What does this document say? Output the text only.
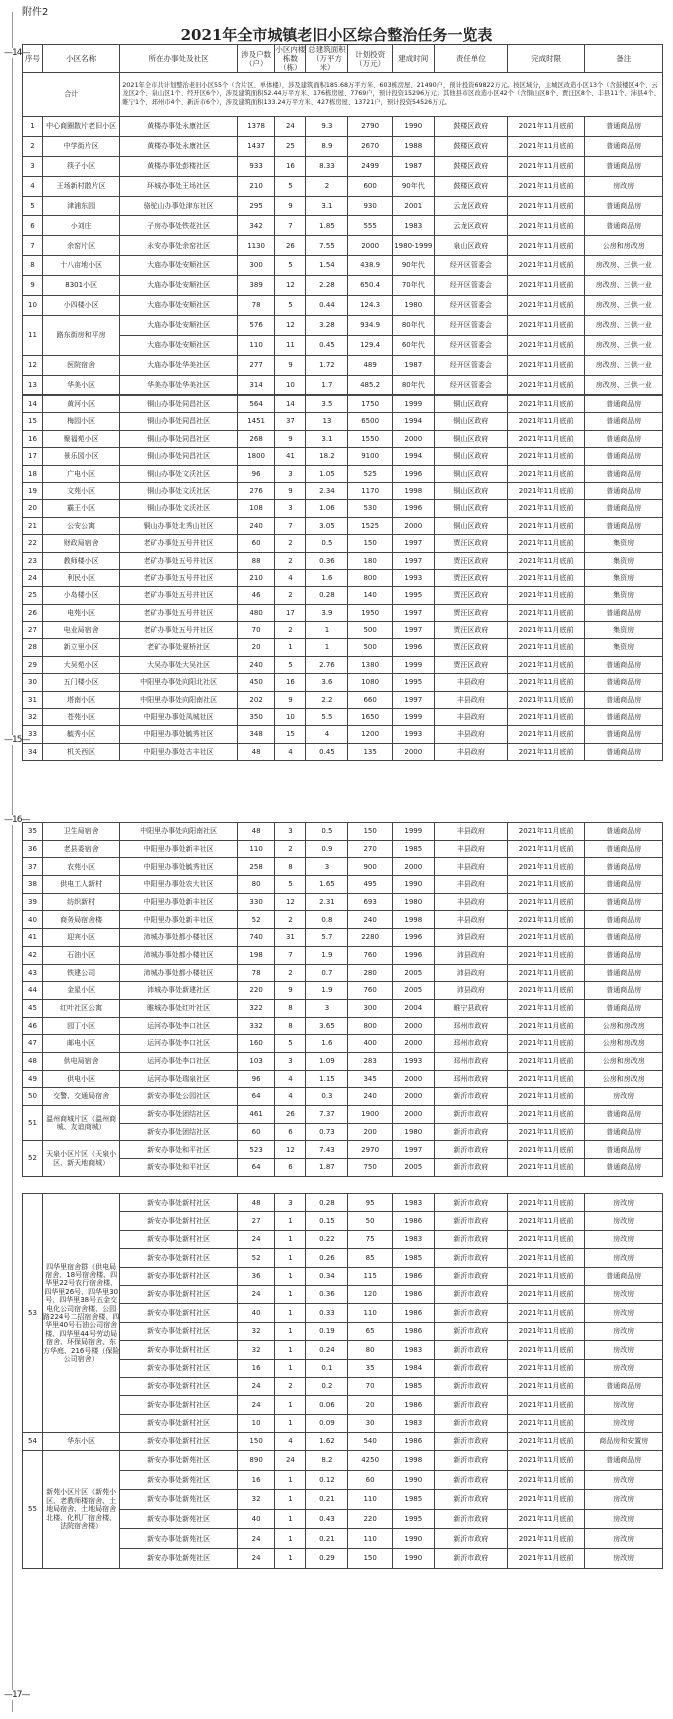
附件2
2021年全市城镇老旧小区综合整治任务一览表
—14—
—15—
—16—
—17—
序号	小区名称	所在办事处及社区	涉及户数（户）	小区内楼栋数（栋）	总建筑面积（万平方米）	计划投资（万元）	建成时间	责任单位	完成时限	备注
合计		2021年全市共计划整治老旧小区55个（含片区、单体楼），涉及建筑面积185.68万平方米、603栋房屋、21490户，预计投资69822万元。按区域分，主城区改造小区13个（含鼓楼区4个、云龙区2个、泉山区1个、经开区6个），涉及建筑面积52.44万平方米、176栋房屋、7769户，预计投资15296万元；其他县市区改造小区42个（含铜山区8个、贾汪区8个、丰县11个、沛县4个、睢宁1个、邳州市4个、新沂市6个），涉及建筑面积133.24万平方米、427栋房屋、13721户，预计投资54526万元。								
1	中心商圈散片老旧小区	黄楼办事处永康社区	1378	24	9.3	2790	1990	鼓楼区政府	2021年11月底前	普通商品房
2	中学街片区	黄楼办事处永康社区	1437	25	8.9	2670	1988	鼓楼区政府	2021年11月底前	普通商品房
3	筷子小区	黄楼办事处彭楼社区	933	16	8.33	2499	1987	鼓楼区政府	2021年11月底前	普通商品房
4	王场新村散片区	环城办事处王场社区	210	5	2	600	90年代	鼓楼区政府	2021年11月底前	房改房
5	津浦东园	骆驼山办事处津东社区	295	9	3.1	930	2001	云龙区政府	2021年11月底前	普通商品房
6	小刘庄	子房办事处铁花社区	342	7	1.85	555	1983	云龙区政府	2021年11月底前	普通商品房
7	余窑片区	永安办事处余窑社区	1130	26	7.55	2000	1980-1999	泉山区政府	2021年11月底前	公房和房改房
8	十八亩地小区	大庙办事处安顺社区	300	5	1.54	438.9	90年代	经开区管委会	2021年11月底前	房改房、三供一业
9	8301小区	大庙办事处安顺社区	389	12	2.28	650.4	70年代	经开区管委会	2021年11月底前	房改房、三供一业
10	小四楼小区	大庙办事处安顺社区	78	5	0.44	124.3	1980	经开区管委会	2021年11月底前	房改房、三供一业
11	路东街房和平房	大庙办事处安顺社区	576	12	3.28	934.9	80年代	经开区管委会	2021年11月底前	房改房、三供一业
		大庙办事处安顺社区	110	11	0.45	129.4	60年代	经开区管委会	2021年11月底前	房改房、三供一业
12	医院宿舍	大庙办事处华美社区	277	9	1.72	489	1987	经开区管委会	2021年11月底前	房改房、三供一业
13	华美小区	华美办事处华美社区	314	10	1.7	485.2	80年代	经开区管委会	2021年11月底前	房改房、三供一业
14	黄河小区	铜山办事处同昌社区	564	14	3.5	1750	1999	铜山区政府	2021年11月底前	普通商品房
15	梅园小区	铜山办事处同昌社区	1451	37	13	6500	1994	铜山区政府	2021年11月底前	普通商品房
16	聚福苑小区	铜山办事处同昌社区	268	9	3.1	1550	2000	铜山区政府	2021年11月底前	普通商品房
17	景乐园小区	铜山办事处同昌社区	1800	41	18.2	9100	1994	铜山区政府	2021年11月底前	普通商品房
18	广电小区	铜山办事处文沃社区	96	3	1.05	525	1996	铜山区政府	2021年11月底前	普通商品房
19	文苑小区	铜山办事处文沃社区	276	9	2.34	1170	1998	铜山区政府	2021年11月底前	普通商品房
20	霸王小区	铜山办事处文沃社区	108	3	1.06	530	1996	铜山区政府	2021年11月底前	普通商品房
21	公安公寓	铜山办事处北秀山社区	240	7	3.05	1525	2000	铜山区政府	2021年11月底前	普通商品房
22	财政局宿舍	老矿办事处五号井社区	60	2	0.5	150	1997	贾汪区政府	2021年11月底前	集资房
23	教师楼小区	老矿办事处五号井社区	88	2	0.36	180	1997	贾汪区政府	2021年11月底前	集资房
24	利民小区	老矿办事处五号井社区	210	4	1.6	800	1993	贾汪区政府	2021年11月底前	集资房
25	小岛楼小区	老矿办事处五号井社区	46	2	0.28	140	1995	贾汪区政府	2021年11月底前	集资房
26	电苑小区	老矿办事处五号井社区	480	17	3.9	1950	1997	贾汪区政府	2021年11月底前	普通商品房
27	电业局宿舍	老矿办事处五号井社区	70	2	1	500	1997	贾汪区政府	2021年11月底前	集资房
28	新立里小区	老矿办事处夏桥社区	20	1	1	500	1996	贾汪区政府	2021年11月底前	集资房
29	大吴苑小区	大吴办事处大吴社区	240	5	2.76	1380	1999	贾汪区政府	2021年11月底前	普通商品房
30	五门楼小区	中阳里办事处向阳北社区	450	16	3.6	1080	1995	丰县政府	2021年11月底前	普通商品房
31	塔南小区	中阳里办事处向阳南社区	202	9	2.2	660	1997	丰县政府	2021年11月底前	普通商品房
32	苍苑小区	中阳里办事处凤城社区	350	10	5.5	1650	1999	丰县政府	2021年11月底前	普通商品房
33	毓秀小区	中阳里办事处毓秀社区	348	15	4	1200	1993	丰县政府	2021年11月底前	普通商品房
34	机关西区	中阳里办事处古丰社区	48	4	0.45	135	2000	丰县政府	2021年11月底前	普通商品房
35	卫生局宿舍	中阳里办事处向阳南社区	48	3	0.5	150	1999	丰县政府	2021年11月底前	普通商品房
36	老县委宿舍	中阳里办事处新丰社区	110	2	0.9	270	1985	丰县政府	2021年11月底前	普通商品房
37	农苑小区	中阳里办事处毓秀社区	258	8	3	900	2000	丰县政府	2021年11月底前	普通商品房
38	供电工人新村	中阳里办事处农大社区	80	5	1.65	495	1990	丰县政府	2021年11月底前	普通商品房
39	纺织新村	中阳里办事处新丰社区	330	12	2.31	693	1980	丰县政府	2021年11月底前	普通商品房
40	商务局宿舍楼	中阳里办事处新丰社区	52	2	0.8	240	1998	丰县政府	2021年11月底前	普通商品房
41	迎宾小区	沛城办事处都小楼社区	740	31	5.7	2280	1996	沛县政府	2021年11月底前	普通商品房
42	石油小区	沛城办事处都小楼社区	198	7	1.9	760	1996	沛县政府	2021年11月底前	普通商品房
43	铁建公司	沛城办事处都小楼社区	78	2	0.7	280	2005	沛县政府	2021年11月底前	普通商品房
44	金星小区	沛城办事处新建社区	220	9	1.9	760	2005	沛县政府	2021年11月底前	普通商品房
45	红叶社区公寓	睢城办事处红叶社区	322	8	3	300	2004	睢宁县政府	2021年11月底前	普通商品房
46	园丁小区	运河办事处李口社区	332	8	3.65	800	2000	邳州市政府	2021年11月底前	公房和房改房
47	邮电小区	运河办事处李口社区	160	5	1.6	400	2000	邳州市政府	2021年11月底前	公房和房改房
48	供电局宿舍	运河办事处李口社区	103	3	1.09	283	1993	邳州市政府	2021年11月底前	公房和房改房
49	供电小区	运河办事处瑞泉社区	96	4	1.15	345	2000	邳州市政府	2021年11月底前	公房和房改房
50	交警、交通局宿舍	新安办事处公园社区	64	4	0.3	240	2000	新沂市政府	2021年11月底前	房改房
51	温州商城片区（温州商城、友谊商城）	新安办事处团结社区	461	26	7.37	1900	2000	新沂市政府	2021年11月底前	普通商品房
		新安办事处团结社区	60	6	0.73	200	1980	新沂市政府	2021年11月底前	普通商品房
52	天泉小区片区（天泉小区、新天地商城）	新安办事处和平社区	523	12	7.43	2970	1997	新沂市政府	2021年11月底前	普通商品房
		新安办事处和平社区	64	6	1.87	750	2005	新沂市政府	2021年11月底前	普通商品房
53	四华里宿舍群（供电局宿舍、18号宿舍楼、四华里22号农行宿舍楼、四华里26号、四华里30号、四华里38号五金交电化公司宿舍楼、公园路224号二招宿舍楼、四华里40号石油公司宿舍楼、四华里44号劳动局宿舍、环保局宿舍、东方华庭、216号楼（保险公司宿舍）	新安办事处新村社区	48	3	0.28	95	1983	新沂市政府	2021年11月底前	房改房
		新安办事处新村社区	27	1	0.15	50	1986	新沂市政府	2021年11月底前	房改房
		新安办事处新村社区	24	1	0.22	75	1983	新沂市政府	2021年11月底前	房改房
		新安办事处新村社区	52	1	0.26	85	1985	新沂市政府	2021年11月底前	房改房
		新安办事处新村社区	36	1	0.34	115	1986	新沂市政府	2021年11月底前	普通商品房
		新安办事处新村社区	24	1	0.36	120	1986	新沂市政府	2021年11月底前	房改房
		新安办事处新村社区	40	1	0.33	110	1986	新沂市政府	2021年11月底前	房改房
		新安办事处新村社区	32	1	0.19	65	1986	新沂市政府	2021年11月底前	房改房
		新安办事处新村社区	32	1	0.24	80	1983	新沂市政府	2021年11月底前	房改房
		新安办事处新村社区	16	1	0.1	35	1984	新沂市政府	2021年11月底前	房改房
		新安办事处新村社区	24	2	0.2	70	1985	新沂市政府	2021年11月底前	普通商品房
		新安办事处新村社区	24	1	0.06	20	1986	新沂市政府	2021年11月底前	房改房
		新安办事处新村社区	10	1	0.09	30	1983	新沂市政府	2021年11月底前	房改房
54	华东小区	新安办事处新村社区	150	4	1.62	540	1986	新沂市政府	2021年11月底前	商品房和安置房
55	新苑小区片区（新苑小区、老教师楼宿舍、土地局宿舍、土地局宿舍北楼、化机厂宿舍楼、法院宿舍楼）	新安办事处新苑社区	890	24	8.2	4250	1998	新沂市政府	2021年11月底前	普通商品房
		新安办事处新苑社区	16	1	0.12	60	1990	新沂市政府	2021年11月底前	房改房
		新安办事处新苑社区	32	1	0.21	110	1985	新沂市政府	2021年11月底前	房改房
		新安办事处新苑社区	40	1	0.43	220	1995	新沂市政府	2021年11月底前	房改房
		新安办事处新苑社区	24	1	0.21	110	1990	新沂市政府	2021年11月底前	房改房
		新安办事处新苑社区	24	1	0.29	150	1990	新沂市政府	2021年11月底前	房改房
